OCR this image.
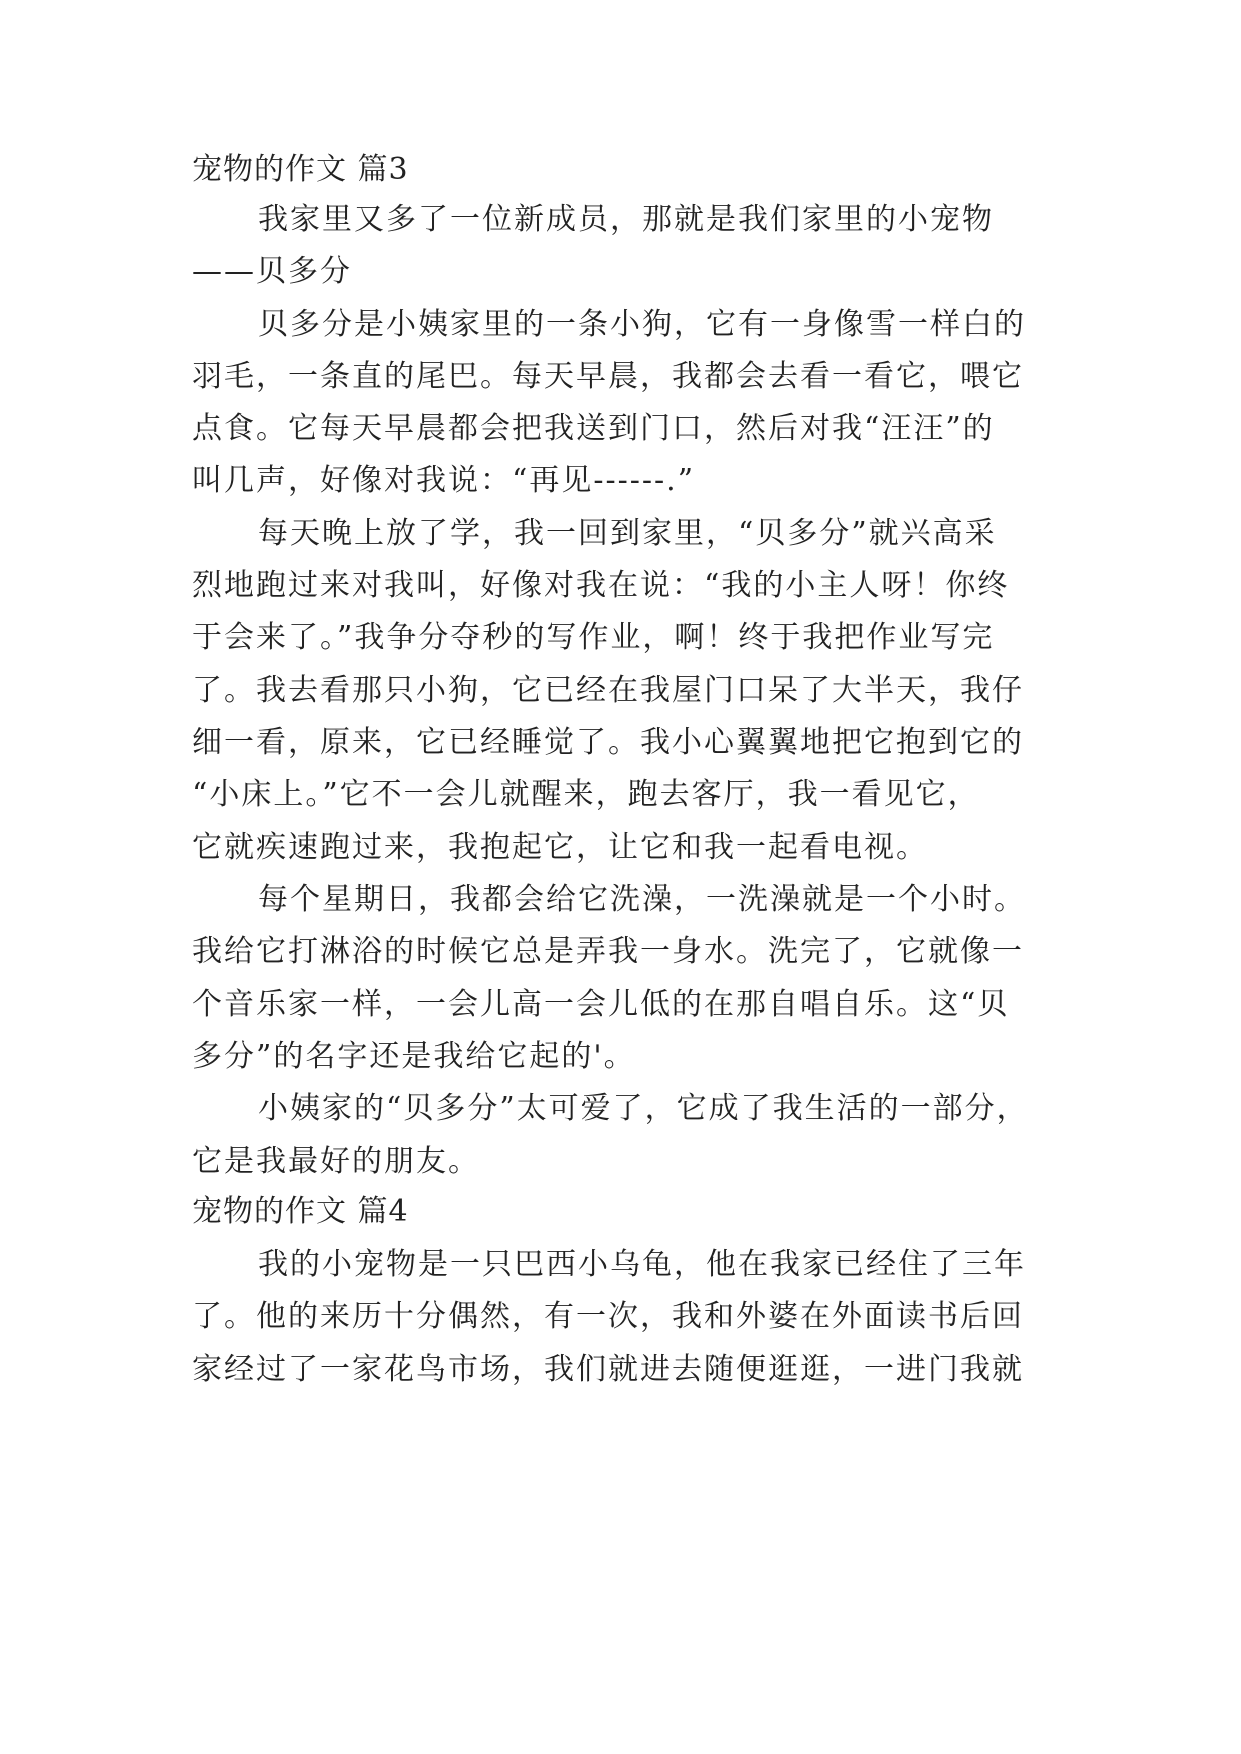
宠物的作文 篇3
我家里又多了一位新成员，那就是我们家里的小宠物
——贝多分
贝多分是小姨家里的一条小狗，它有一身像雪一样白的
羽毛，一条直的尾巴。每天早晨，我都会去看一看它，喂它
点食。它每天早晨都会把我送到门口，然后对我“汪汪”的
叫几声，好像对我说：“再见------.”
每天晚上放了学，我一回到家里，“贝多分”就兴高采
烈地跑过来对我叫，好像对我在说：“我的小主人呀！你终
于会来了。”我争分夺秒的写作业，啊！终于我把作业写完
了。我去看那只小狗，它已经在我屋门口呆了大半天，我仔
细一看，原来，它已经睡觉了。我小心翼翼地把它抱到它的
“小床上。”它不一会儿就醒来，跑去客厅，我一看见它，
它就疾速跑过来，我抱起它，让它和我一起看电视。
每个星期日，我都会给它洗澡，一洗澡就是一个小时。
我给它打淋浴的时候它总是弄我一身水。洗完了，它就像一
个音乐家一样，一会儿高一会儿低的在那自唱自乐。这“贝
多分”的名字还是我给它起的'。
小姨家的“贝多分”太可爱了，它成了我生活的一部分，
它是我最好的朋友。
宠物的作文 篇4
我的小宠物是一只巴西小乌龟，他在我家已经住了三年
了。他的来历十分偶然，有一次，我和外婆在外面读书后回
家经过了一家花鸟市场，我们就进去随便逛逛，一进门我就
